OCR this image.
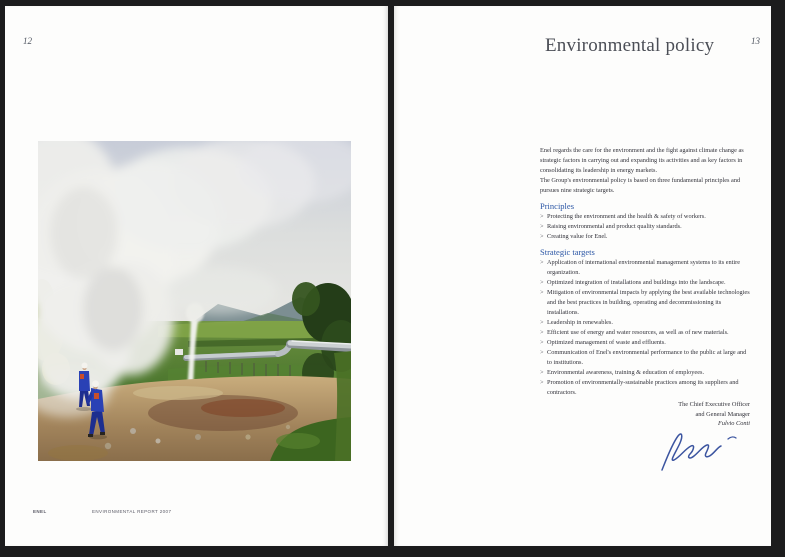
12
ENEL	ENVIRONMENTAL REPORT 2007
Environmental policy	13

Enel regards the care for the environment and the fight against climate change as strategic factors in carrying out and expanding its activities and as key factors in consolidating its leadership in energy markets.

The Group's environmental policy is based on three fundamental principles and pursues nine strategic targets.

Principles
> Protecting the environment and the health & safety of workers.
> Raising environmental and product quality standards.
> Creating value for Enel.
Strategic targets
> Application of international environmental management systems to its entire organization.
> Optimized integration of installations and buildings into the landscape.
> Mitigation of environmental impacts by applying the best available technologies and the best practices in building, operating and decommissioning its installations.
> Leadership in renewables.
> Efficient use of energy and water resources, as well as of new materials.
> Optimized management of waste and effluents.
> Communication of Enel's environmental performance to the public at large and to institutions.
> Environmental awareness, training & education of employees.
> Promotion of environmentally-sustainable practices among its suppliers and contractors.
The Chief Executive Officer
and General Manager
Fulvio Conti
